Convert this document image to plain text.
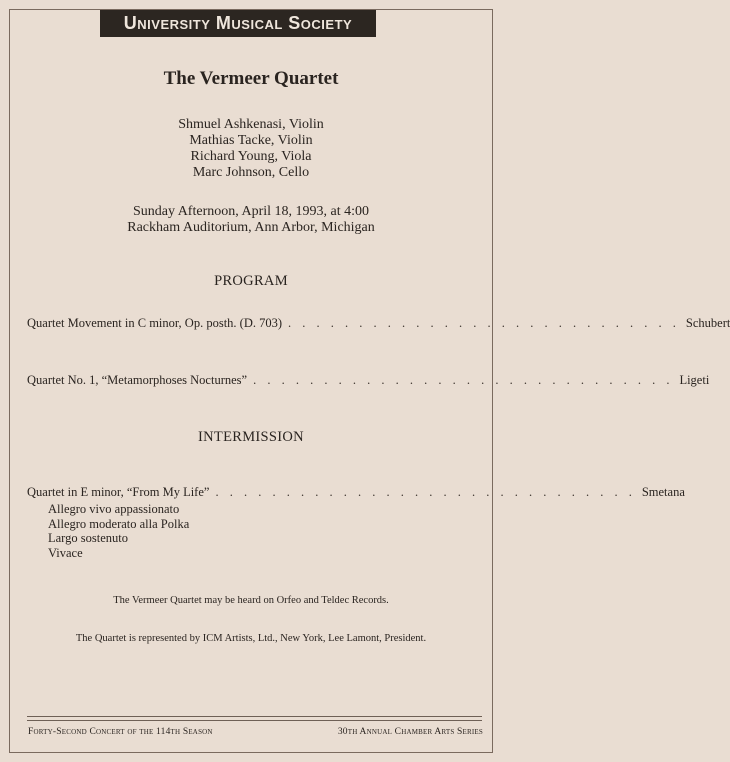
University Musical Society
The Vermeer Quartet
Shmuel Ashkenasi, Violin
Mathias Tacke, Violin
Richard Young, Viola
Marc Johnson, Cello
Sunday Afternoon, April 18, 1993, at 4:00
Rackham Auditorium, Ann Arbor, Michigan
PROGRAM
Quartet Movement in C minor, Op. posth. (D. 703) . . . . . . . . . . . . . . . . . . . . . . . . . . . . Schubert
Quartet No. 1, “Metamorphoses Nocturnes” . . . . . . . . . . . . . . . . . . . . . . . . . . . . . . Ligeti
INTERMISSION
Quartet in E minor, “From My Life” . . . . . . . . . . . . . . . . . . . . . . . . . . . . . . Smetana
Allegro vivo appassionato
Allegro moderato alla Polka
Largo sostenuto
Vivace
The Vermeer Quartet may be heard on Orfeo and Teldec Records.
The Quartet is represented by ICM Artists, Ltd., New York, Lee Lamont, President.
Forty-Second Concert of the 114th Season	30th Annual Chamber Arts Series
